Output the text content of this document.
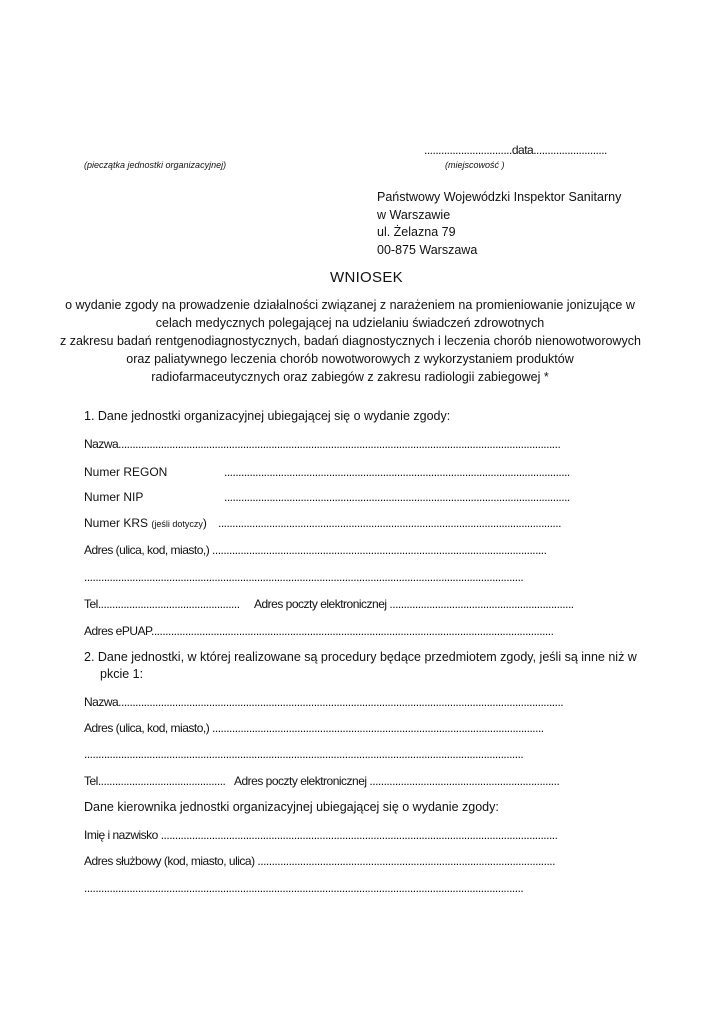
...............................data..........................
(pieczątka jednostki organizacyjnej)	(miejscowość )
Państwowy Wojewódzki Inspektor Sanitarny
w Warszawie
ul. Żelazna 79
00-875 Warszawa
WNIOSEK
o wydanie zgody na prowadzenie działalności związanej z narażeniem na promieniowanie jonizujące w
celach medycznych polegającej na udzielaniu świadczeń zdrowotnych
z zakresu badań rentgenodiagnostycznych, badań diagnostycznych i leczenia chorób nienowotworowych
oraz paliatywnego leczenia chorób nowotworowych z wykorzystaniem produktów
radiofarmaceutycznych oraz zabiegów z zakresu radiologii zabiegowej *
1. Dane jednostki organizacyjnej ubiegającej się o wydanie zgody:
Nazwa............................................................................................................................................................
Numer REGON	..........................................................................................................................
Numer NIP	..........................................................................................................................
Numer KRS (jeśli dotyczy) .........................................................................................................................
Adres (ulica, kod, miasto,) ......................................................................................................................
...........................................................................................................................................................
Tel.................................................. Adres poczty elektronicznej .................................................................
Adres ePUAP..............................................................................................................................................
2. Dane jednostki, w której realizowane są procedury będące przedmiotem zgody, jeśli są inne niż w
pkcie 1:
Nazwa.............................................................................................................................................................
Adres (ulica, kod, miasto,) .....................................................................................................................
...........................................................................................................................................................
Tel............................................. Adres poczty elektronicznej ...................................................................
Dane kierownika jednostki organizacyjnej ubiegającej się o wydanie zgody:
Imię i nazwisko ............................................................................................................................................
Adres służbowy (kod, miasto, ulica) .........................................................................................................
...........................................................................................................................................................
